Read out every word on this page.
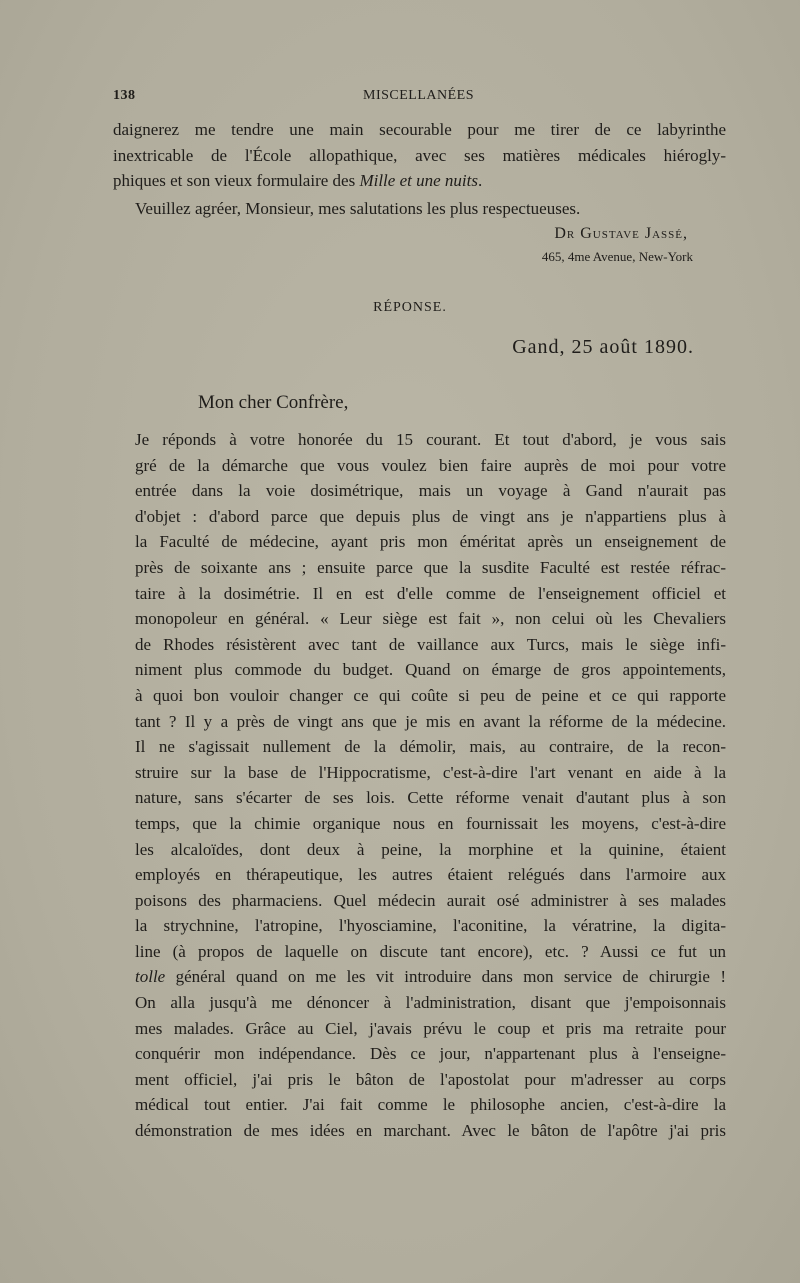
138	MISCELLANÉES
daignerez me tendre une main secourable pour me tirer de ce labyrinthe
inextricable de l'École allopathique, avec ses matières médicales hiérogly-
phiques et son vieux formulaire des Mille et une nuits.
Veuillez agréer, Monsieur, mes salutations les plus respectueuses.
Dr Gustave Jassé,
465, 4me Avenue, New-York
RÉPONSE.
Gand, 25 août 1890.
Mon cher Confrère,
Je réponds à votre honorée du 15 courant. Et tout d'abord, je vous sais
gré de la démarche que vous voulez bien faire auprès de moi pour votre
entrée dans la voie dosimétrique, mais un voyage à Gand n'aurait pas
d'objet : d'abord parce que depuis plus de vingt ans je n'appartiens plus à
la Faculté de médecine, ayant pris mon éméritat après un enseignement de
près de soixante ans ; ensuite parce que la susdite Faculté est restée réfrac-
taire à la dosimétrie. Il en est d'elle comme de l'enseignement officiel et
monopoleur en général. « Leur siège est fait », non celui où les Chevaliers
de Rhodes résistèrent avec tant de vaillance aux Turcs, mais le siège infi-
niment plus commode du budget. Quand on émarge de gros appointements,
à quoi bon vouloir changer ce qui coûte si peu de peine et ce qui rapporte
tant ? Il y a près de vingt ans que je mis en avant la réforme de la médecine.
Il ne s'agissait nullement de la démolir, mais, au contraire, de la recon-
struire sur la base de l'Hippocratisme, c'est-à-dire l'art venant en aide à la
nature, sans s'écarter de ses lois. Cette réforme venait d'autant plus à son
temps, que la chimie organique nous en fournissait les moyens, c'est-à-dire
les alcaloïdes, dont deux à peine, la morphine et la quinine, étaient
employés en thérapeutique, les autres étaient relégués dans l'armoire aux
poisons des pharmaciens. Quel médecin aurait osé administrer à ses malades
la strychnine, l'atropine, l'hyosciamine, l'aconitine, la vératrine, la digita-
line (à propos de laquelle on discute tant encore), etc. ? Aussi ce fut un
tolle général quand on me les vit introduire dans mon service de chirurgie !
On alla jusqu'à me dénoncer à l'administration, disant que j'empoisonnais
mes malades. Grâce au Ciel, j'avais prévu le coup et pris ma retraite pour
conquérir mon indépendance. Dès ce jour, n'appartenant plus à l'enseigne-
ment officiel, j'ai pris le bâton de l'apostolat pour m'adresser au corps
médical tout entier. J'ai fait comme le philosophe ancien, c'est-à-dire la
démonstration de mes idées en marchant. Avec le bâton de l'apôtre j'ai pris
